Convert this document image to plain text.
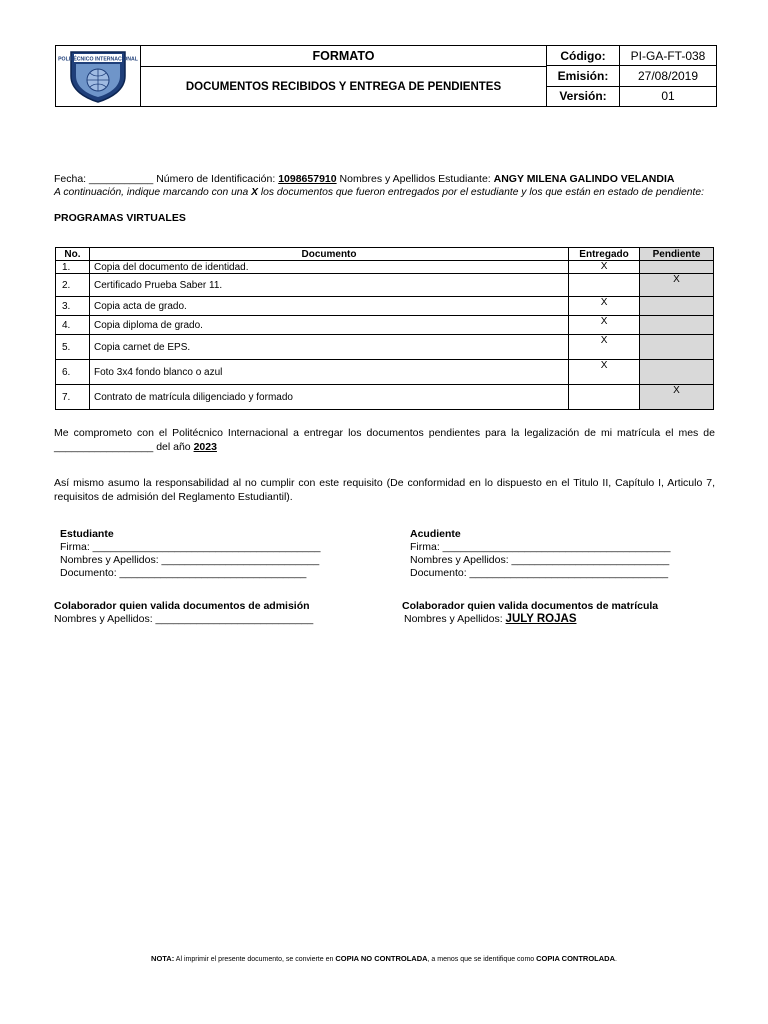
POLITÉCNICO INTERNACIONAL	FORMATO
DOCUMENTOS RECIBIDOS Y ENTREGA DE PENDIENTES
Código:	PI-GA-FT-038
Emisión:	27/08/2019
Versión:	01
Fecha: ___________ Número de Identificación: 1098657910 Nombres y Apellidos Estudiante: ANGY MILENA GALINDO VELANDIA
A continuación, indique marcando con una X los documentos que fueron entregados por el estudiante y los que están en estado de pendiente:
PROGRAMAS VIRTUALES
No.	Documento	Entregado	Pendiente
1.	Copia del documento de identidad.	X	
2.	Certificado Prueba Saber 11.		X
3.	Copia acta de grado.	X	
4.	Copia diploma de grado.	X	
5.	Copia carnet de EPS.	X	
6.	Foto 3x4 fondo blanco o azul	X	
7.	Contrato de matrícula diligenciado y formado		X
Me comprometo con el Politécnico Internacional a entregar los documentos pendientes para la legalización de mi matrícula el mes de _________________ del año 2023
Así mismo asumo la responsabilidad al no cumplir con este requisito (De conformidad en lo dispuesto en el Titulo II, Capítulo I, Articulo 7, requisitos de admisión del Reglamento Estudiantil).
Estudiante
Firma: _______________________________________
Nombres y Apellidos: ___________________________
Documento: ________________________________
Acudiente
Firma: _______________________________________
Nombres y Apellidos: ___________________________
Documento: __________________________________
Colaborador quien valida documentos de admisión
Nombres y Apellidos: ___________________________
Colaborador quien valida documentos de matrícula
Nombres y Apellidos: JULY ROJAS
NOTA: Al imprimir el presente documento, se convierte en COPIA NO CONTROLADA, a menos que se identifique como COPIA CONTROLADA.
